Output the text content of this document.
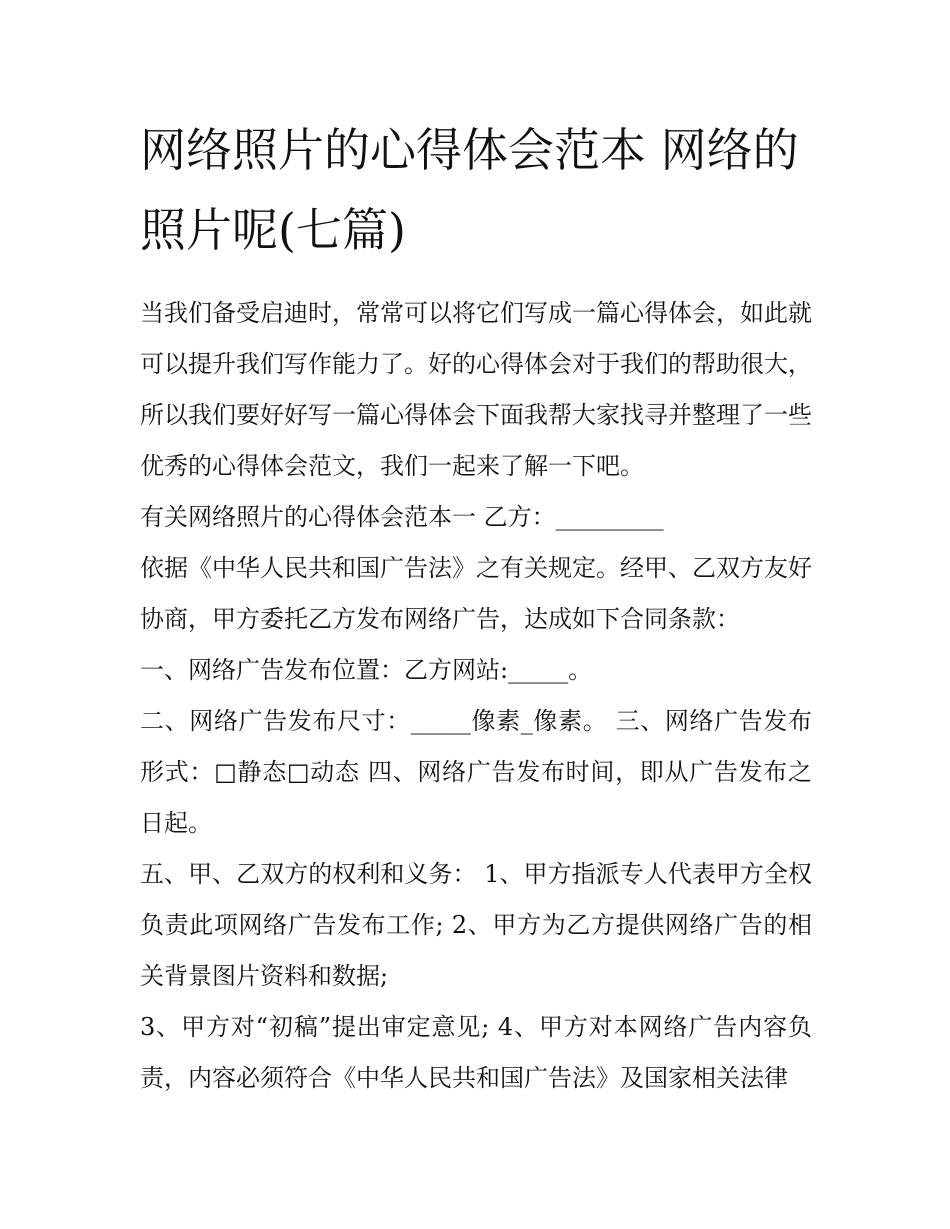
网络照片的心得体会范本 网络的照片呢(七篇)

当我们备受启迪时，常常可以将它们写成一篇心得体会，如此就可以提升我们写作能力了。好的心得体会对于我们的帮助很大，所以我们要好好写一篇心得体会下面我帮大家找寻并整理了一些优秀的心得体会范文，我们一起来了解一下吧。

有关网络照片的心得体会范本一 乙方：_________

依据《中华人民共和国广告法》之有关规定。经甲、乙双方友好协商，甲方委托乙方发布网络广告，达成如下合同条款：

一、网络广告发布位置：乙方网站:_____。

二、网络广告发布尺寸：_____像素_像素。 三、网络广告发布形式：□静态□动态 四、网络广告发布时间，即从广告发布之日起。

五、甲、乙双方的权利和义务： 1、甲方指派专人代表甲方全权负责此项网络广告发布工作; 2、甲方为乙方提供网络广告的相关背景图片资料和数据;

3、甲方对“初稿”提出审定意见; 4、甲方对本网络广告内容负责，内容必须符合《中华人民共和国广告法》及国家相关法律
